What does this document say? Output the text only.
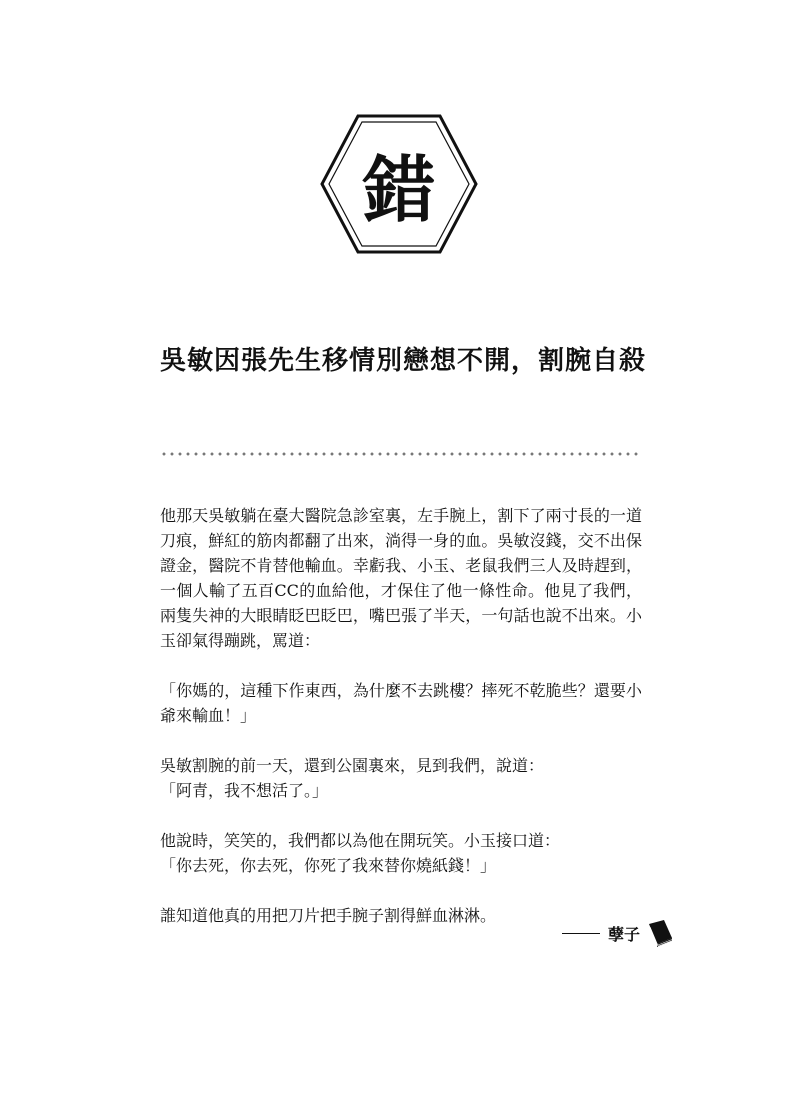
錯
吳敏因張先生移情別戀想不開，割腕自殺

他那天吳敏躺在臺大醫院急診室裏，左手腕上，割下了兩寸長的一道刀痕，鮮紅的筋肉都翻了出來，淌得一身的血。吳敏沒錢，交不出保證金，醫院不肯替他輸血。幸虧我、小玉、老鼠我們三人及時趕到，一個人輸了五百CC的血給他，才保住了他一條性命。他見了我們，兩隻失神的大眼睛眨巴眨巴，嘴巴張了半天，一句話也說不出來。小玉卻氣得蹦跳，罵道：

「你媽的，這種下作東西，為什麼不去跳樓？摔死不乾脆些？還要小爺來輸血！」

吳敏割腕的前一天，還到公園裏來，見到我們，說道：

「阿青，我不想活了。」

他說時，笑笑的，我們都以為他在開玩笑。小玉接口道：

「你去死，你去死，你死了我來替你燒紙錢！」

誰知道他真的用把刀片把手腕子割得鮮血淋淋。

孽子
